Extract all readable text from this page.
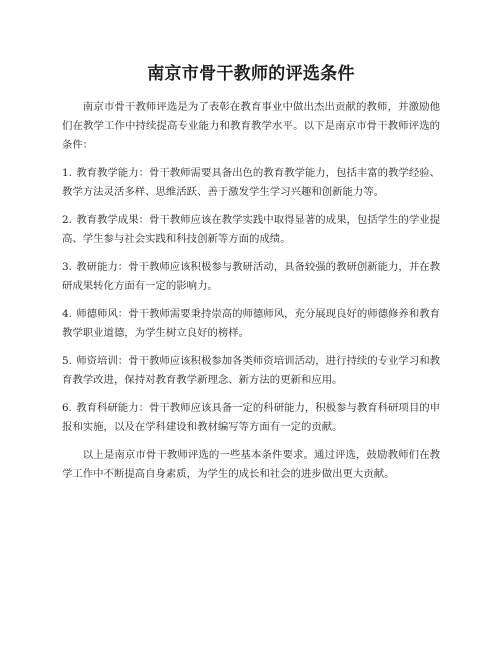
南京市骨干教师的评选条件

南京市骨干教师评选是为了表彰在教育事业中做出杰出贡献的教师，并激励他们在教学工作中持续提高专业能力和教育教学水平。以下是南京市骨干教师评选的条件：

1. 教育教学能力：骨干教师需要具备出色的教育教学能力，包括丰富的教学经验、教学方法灵活多样、思维活跃、善于激发学生学习兴趣和创新能力等。

2. 教育教学成果：骨干教师应该在教学实践中取得显著的成果，包括学生的学业提高、学生参与社会实践和科技创新等方面的成绩。

3. 教研能力：骨干教师应该积极参与教研活动，具备较强的教研创新能力，并在教研成果转化方面有一定的影响力。

4. 师德师风：骨干教师需要秉持崇高的师德师风，充分展现良好的师德修养和教育教学职业道德，为学生树立良好的榜样。

5. 师资培训：骨干教师应该积极参加各类师资培训活动，进行持续的专业学习和教育教学改进，保持对教育教学新理念、新方法的更新和应用。

6. 教育科研能力：骨干教师应该具备一定的科研能力，积极参与教育科研项目的申报和实施，以及在学科建设和教材编写等方面有一定的贡献。

以上是南京市骨干教师评选的一些基本条件要求。通过评选，鼓励教师们在教学工作中不断提高自身素质，为学生的成长和社会的进步做出更大贡献。
